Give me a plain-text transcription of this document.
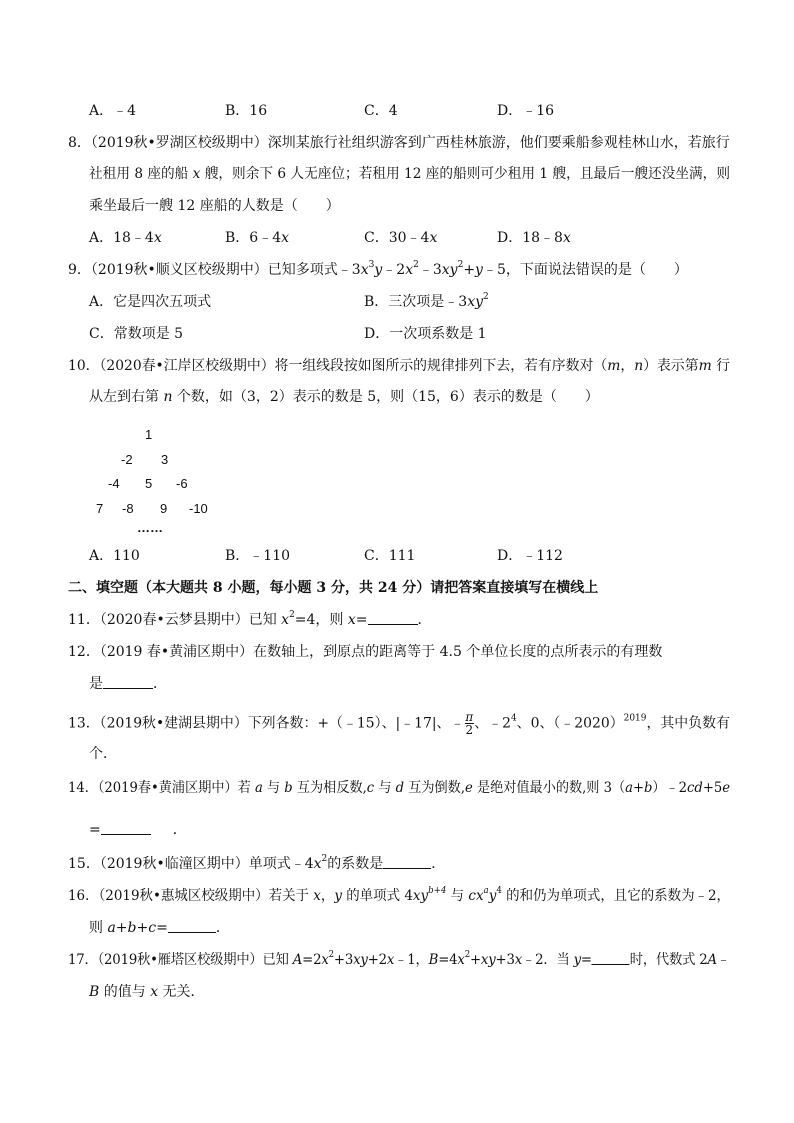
A．﹣4	B．16	C．4	D．﹣16
8．（2019秋•罗湖区校级期中）深圳某旅行社组织游客到广西桂林旅游，他们要乘船参观桂林山水，若旅行
社租用 8 座的船 x 艘，则余下 6 人无座位；若租用 12 座的船则可少租用 1 艘，且最后一艘还没坐满，则
乘坐最后一艘 12 座船的人数是（　　）
A．18﹣4x	B．6﹣4x	C．30﹣4x	D．18﹣8x
9．（2019秋•顺义区校级期中）已知多项式$﹣3x^3y﹣2x^2﹣3xy^2+y﹣5$，下面说法错误的是（　　）
A．它是四次五项式	B．三次项是$﹣3xy^2$
C．常数项是 5	D．一次项系数是 1
10．（2020春•江岸区校级期中）将一组线段按如图所示的规律排列下去，若有序数对（m，n）表示第m 行
从左到右第 n 个数，如（3，2）表示的数是 5，则（15，6）表示的数是（　　）
1
-2 3
-4 5 -6
7 -8 9 -10
……
A．110	B．﹣110	C．111	D．﹣112
二、填空题（本大题共 8 小题，每小题 3 分，共 24 分）请把答案直接填写在横线上
11．（2020春•云梦县期中）已知 $x^2=4$，则 x=	．
12．（2019 春•黄浦区期中）在数轴上，到原点的距离等于 4.5 个单位长度的点所表示的有理数
是	．
13．（2019秋•建湖县期中）下列各数：+（﹣15）、|﹣17|、﹣ $\frac{\pi}{2}$ 、$﹣2^4$、0、（﹣2020）$^{2019}$，其中负数有
个．
14．（2019春•黄浦区期中）若 a 与 b 互为相反数,c 与 d 互为倒数,e 是绝对值最小的数,则 3（a+b）﹣2cd+5e
=	．
15．（2019秋•临潼区期中）单项式$﹣4x^2$的系数是	．
16．（2019秋•惠城区校级期中）若关于 x，y 的单项式 $4xy^{b+4}$ 与 $cx^ay^4$ 的和仍为单项式，且它的系数为﹣2，
则 a+b+c=	．
17．（2019秋•雁塔区校级期中）已知 $A=2x^2+3xy+2x﹣1$，$B=4x^2+xy+3x﹣2$．当 y=	时，代数式 2A﹣
B 的值与 x 无关．
